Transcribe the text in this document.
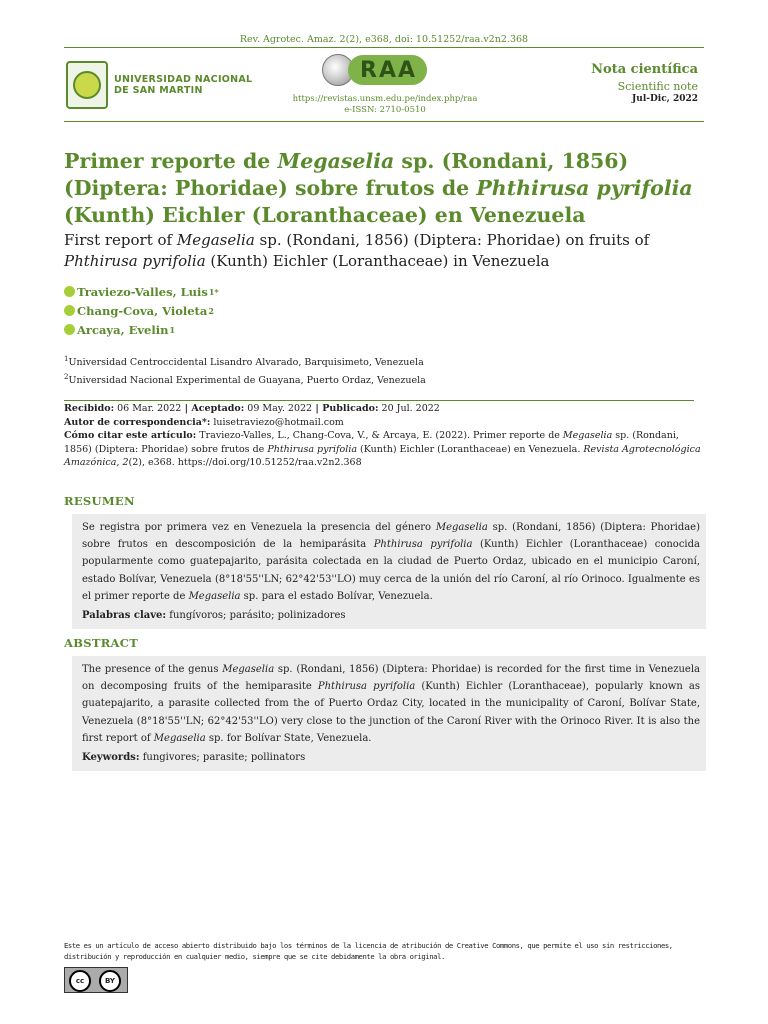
Rev. Agrotec. Amaz. 2(2), e368, doi: 10.51252/raa.v2n2.368
UNIVERSIDAD NACIONAL
DE SAN MARTIN
RAA
https://revistas.unsm.edu.pe/index.php/raa
e-ISSN: 2710-0510
Nota científica
Scientific note
Jul-Dic, 2022
Primer reporte de Megaselia sp. (Rondani, 1856) (Diptera: Phoridae) sobre frutos de Phthirusa pyrifolia (Kunth) Eichler (Loranthaceae) en Venezuela
First report of Megaselia sp. (Rondani, 1856) (Diptera: Phoridae) on fruits of Phthirusa pyrifolia (Kunth) Eichler (Loranthaceae) in Venezuela
Traviezo-Valles, Luis 1*
Chang-Cova, Violeta 2
Arcaya, Evelin 1
$^1$Universidad Centroccidental Lisandro Alvarado, Barquisimeto, Venezuela
$^2$Universidad Nacional Experimental de Guayana, Puerto Ordaz, Venezuela
Recibido: 06 Mar. 2022 | Aceptado: 09 May. 2022 | Publicado: 20 Jul. 2022
Autor de correspondencia*: luisetraviezo@hotmail.com
Cómo citar este artículo: Traviezo-Valles, L., Chang-Cova, V., & Arcaya, E. (2022). Primer reporte de Megaselia sp. (Rondani, 1856) (Diptera: Phoridae) sobre frutos de Phthirusa pyrifolia (Kunth) Eichler (Loranthaceae) en Venezuela. Revista Agrotecnológica Amazónica, 2(2), e368. https://doi.org/10.51252/raa.v2n2.368
RESUMEN
Se registra por primera vez en Venezuela la presencia del género Megaselia sp. (Rondani, 1856) (Diptera: Phoridae) sobre frutos en descomposición de la hemiparásita Phthirusa pyrifolia (Kunth) Eichler (Loranthaceae) conocida popularmente como guatepajarito, parásita colectada en la ciudad de Puerto Ordaz, ubicado en el municipio Caroní, estado Bolívar, Venezuela (8°18'55''LN; 62°42'53''LO) muy cerca de la unión del río Caroní, al río Orinoco. Igualmente es el primer reporte de Megaselia sp. para el estado Bolívar, Venezuela.
Palabras clave: fungívoros; parásito; polinizadores
ABSTRACT
The presence of the genus Megaselia sp. (Rondani, 1856) (Diptera: Phoridae) is recorded for the first time in Venezuela on decomposing fruits of the hemiparasite Phthirusa pyrifolia (Kunth) Eichler (Loranthaceae), popularly known as guatepajarito, a parasite collected from the of Puerto Ordaz City, located in the municipality of Caroní, Bolívar State, Venezuela (8°18'55''LN; 62°42'53''LO) very close to the junction of the Caroní River with the Orinoco River. It is also the first report of Megaselia sp. for Bolívar State, Venezuela.
Keywords: fungivores; parasite; pollinators
Este es un artículo de acceso abierto distribuido bajo los términos de la licencia de atribución de Creative Commons, que permite el uso sin restricciones, distribución y reproducción en cualquier medio, siempre que se cite debidamente la obra original.
cc	BY
